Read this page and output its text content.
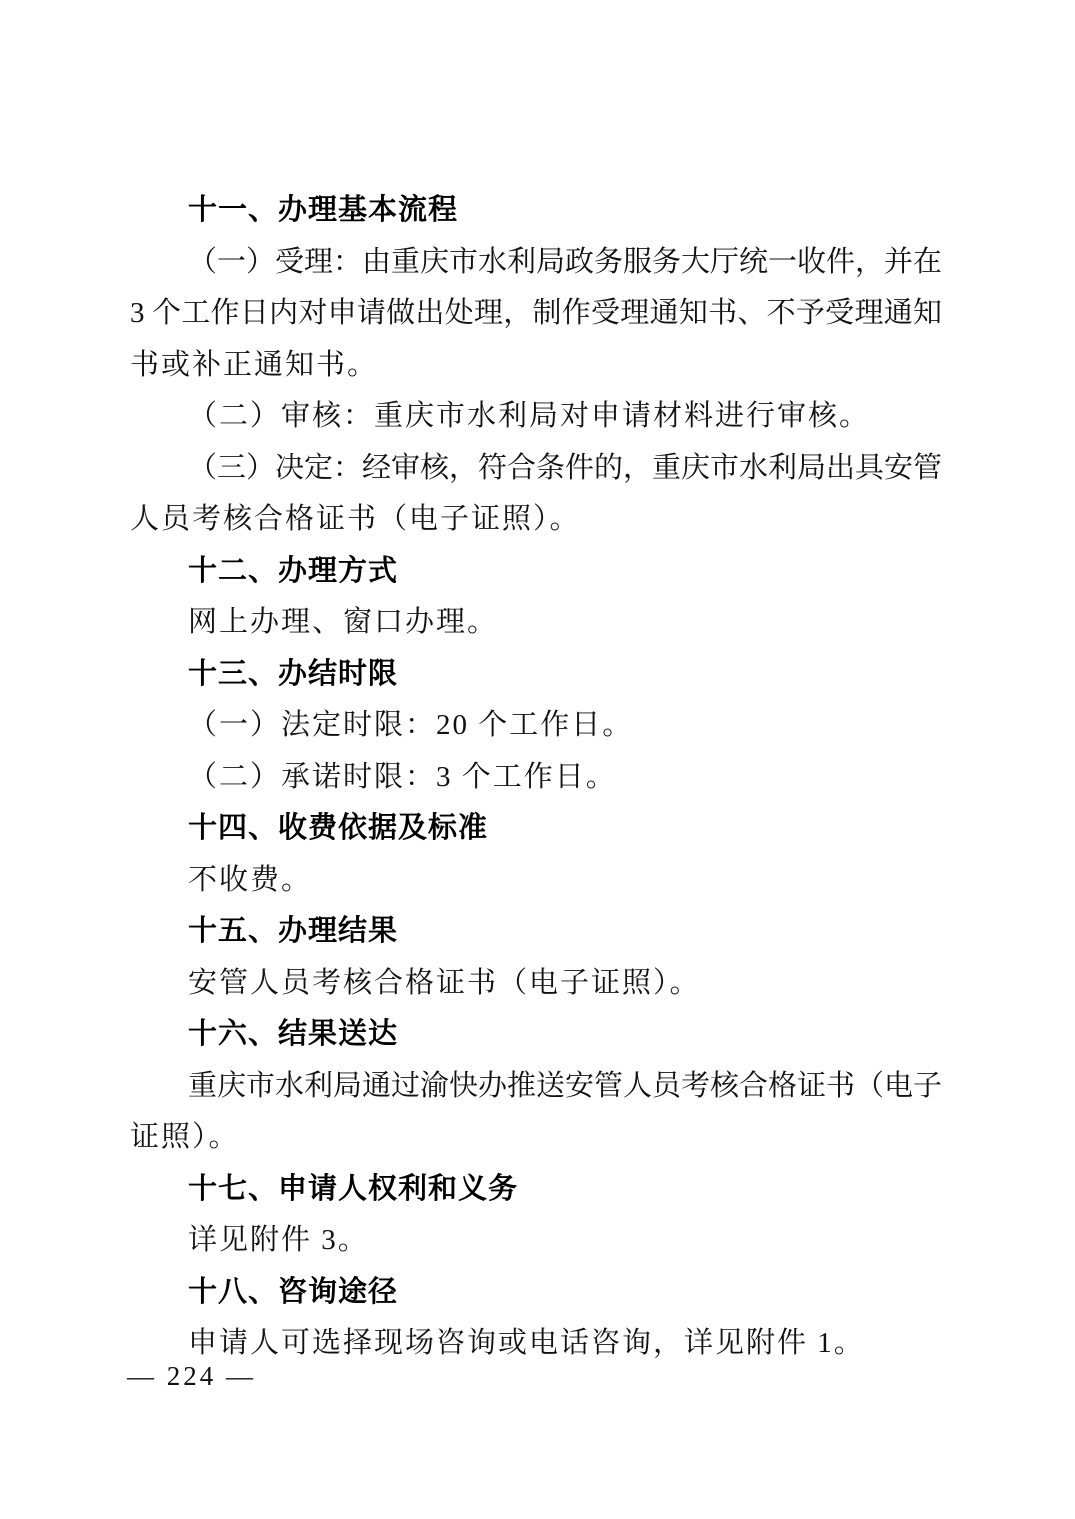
十一、办理基本流程
（一）受理：由重庆市水利局政务服务大厅统一收件，并在
3 个工作日内对申请做出处理，制作受理通知书、不予受理通知
书或补正通知书。
（二）审核：重庆市水利局对申请材料进行审核。
（三）决定：经审核，符合条件的，重庆市水利局出具安管
人员考核合格证书（电子证照）。
十二、办理方式
网上办理、窗口办理。
十三、办结时限
（一）法定时限：20 个工作日。
（二）承诺时限：3 个工作日。
十四、收费依据及标准
不收费。
十五、办理结果
安管人员考核合格证书（电子证照）。
十六、结果送达
重庆市水利局通过渝快办推送安管人员考核合格证书（电子
证照）。
十七、申请人权利和义务
详见附件 3。
十八、咨询途径
申请人可选择现场咨询或电话咨询，详见附件 1。
— 224 —
